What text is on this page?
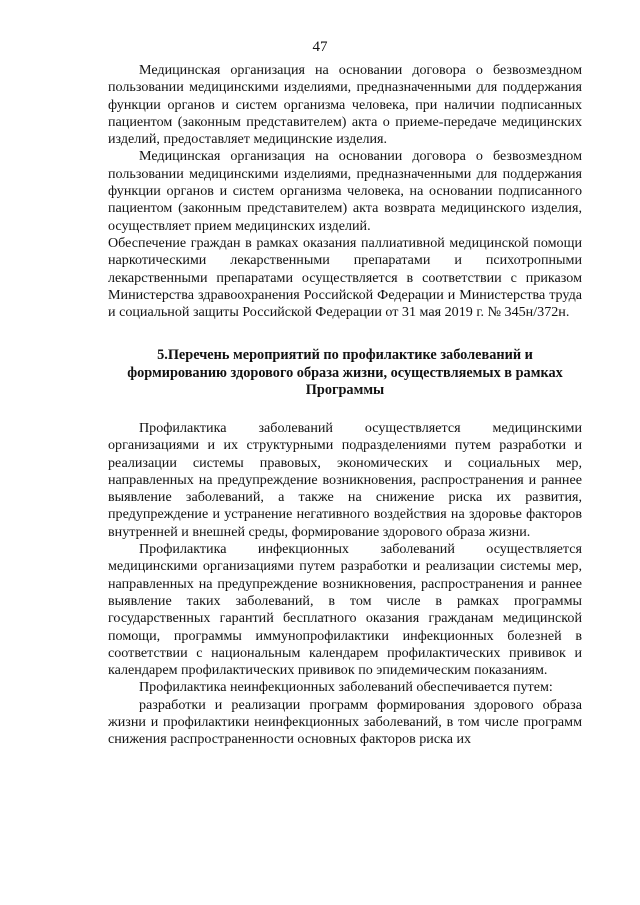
47

Медицинская организация на основании договора о безвозмездном пользовании медицинскими изделиями, предназначенными для поддержания функции органов и систем организма человека, при наличии подписанных пациентом (законным представителем) акта о приеме-передаче медицинских изделий, предоставляет медицинские изделия.

Медицинская организация на основании договора о безвозмездном пользовании медицинскими изделиями, предназначенными для поддержания функции органов и систем организма человека, на основании подписанного пациентом (законным представителем) акта возврата медицинского изделия, осуществляет прием медицинских изделий.

Обеспечение граждан в рамках оказания паллиативной медицинской помощи наркотическими лекарственными препаратами и психотропными лекарственными препаратами осуществляется в соответствии с приказом Министерства здравоохранения Российской Федерации и Министерства труда и социальной защиты Российской Федерации от 31 мая 2019 г. № 345н/372н.

5.Перечень мероприятий по профилактике заболеваний и формированию здорового образа жизни, осуществляемых в рамках Программы

Профилактика заболеваний осуществляется медицинскими организациями и их структурными подразделениями путем разработки и реализации системы правовых, экономических и социальных мер, направленных на предупреждение возникновения, распространения и раннее выявление заболеваний, а также на снижение риска их развития, предупреждение и устранение негативного воздействия на здоровье факторов внутренней и внешней среды, формирование здорового образа жизни.

Профилактика инфекционных заболеваний осуществляется медицинскими организациями путем разработки и реализации системы мер, направленных на предупреждение возникновения, распространения и раннее выявление таких заболеваний, в том числе в рамках программы государственных гарантий бесплатного оказания гражданам медицинской помощи, программы иммунопрофилактики инфекционных болезней в соответствии с национальным календарем профилактических прививок и календарем профилактических прививок по эпидемическим показаниям.

Профилактика неинфекционных заболеваний обеспечивается путем:

разработки и реализации программ формирования здорового образа жизни и профилактики неинфекционных заболеваний, в том числе программ снижения распространенности основных факторов риска их
